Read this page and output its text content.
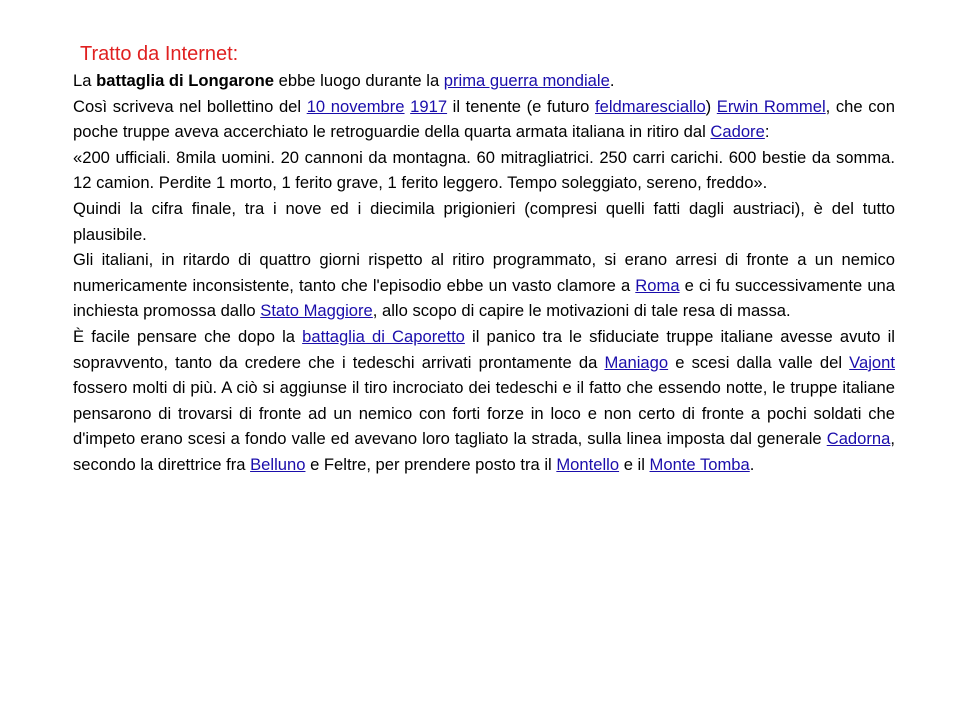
Tratto da Internet:

La battaglia di Longarone ebbe luogo durante la prima guerra mondiale.

Così scriveva nel bollettino del 10 novembre 1917 il tenente (e futuro feldmaresciallo) Erwin Rommel, che con poche truppe aveva accerchiato le retroguardie della quarta armata italiana in ritiro dal Cadore:

«200 ufficiali. 8mila uomini. 20 cannoni da montagna. 60 mitragliatrici. 250 carri carichi. 600 bestie da somma. 12 camion. Perdite 1 morto, 1 ferito grave, 1 ferito leggero. Tempo soleggiato, sereno, freddo».

Quindi la cifra finale, tra i nove ed i diecimila prigionieri (compresi quelli fatti dagli austriaci), è del tutto plausibile.

Gli italiani, in ritardo di quattro giorni rispetto al ritiro programmato, si erano arresi di fronte a un nemico numericamente inconsistente, tanto che l'episodio ebbe un vasto clamore a Roma e ci fu successivamente una inchiesta promossa dallo Stato Maggiore, allo scopo di capire le motivazioni di tale resa di massa.

È facile pensare che dopo la battaglia di Caporetto il panico tra le sfiduciate truppe italiane avesse avuto il sopravvento, tanto da credere che i tedeschi arrivati prontamente da Maniago e scesi dalla valle del Vajont fossero molti di più. A ciò si aggiunse il tiro incrociato dei tedeschi e il fatto che essendo notte, le truppe italiane pensarono di trovarsi di fronte ad un nemico con forti forze in loco e non certo di fronte a pochi soldati che d'impeto erano scesi a fondo valle ed avevano loro tagliato la strada, sulla linea imposta dal generale Cadorna, secondo la direttrice fra Belluno e Feltre, per prendere posto tra il Montello e il Monte Tomba.
